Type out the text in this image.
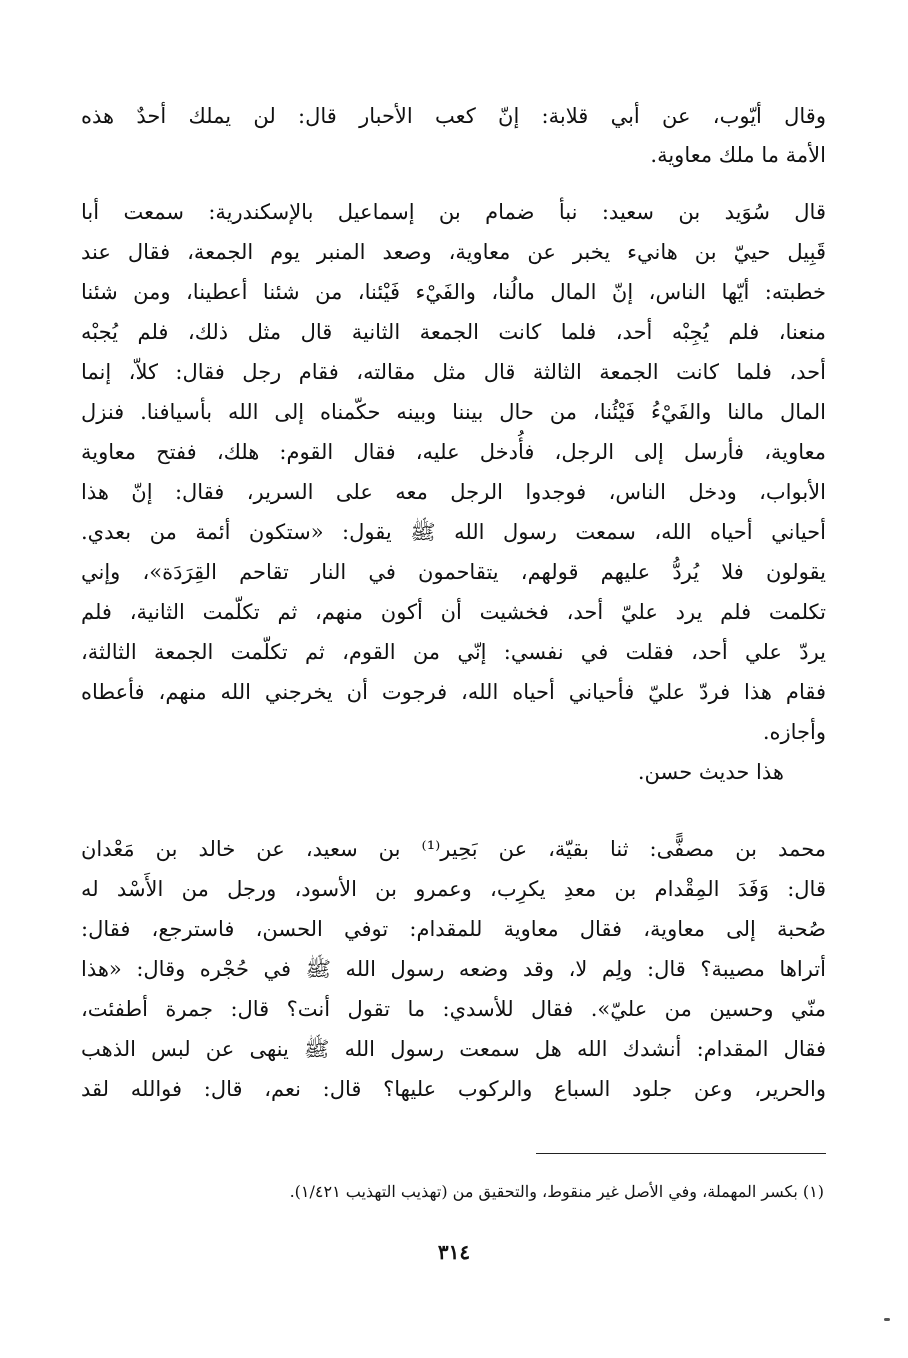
وقال أيّوب، عن أبي قلابة: إنّ كعب الأحبار قال: لن يملك أحدٌ هذه
الأمة ما ملك معاوية.
قال سُوَيد بن سعيد: نبأ ضمام بن إسماعيل بالإسكندرية: سمعت أبا
قَبِيل حييّ بن هانيء يخبر عن معاوية، وصعد المنبر يوم الجمعة، فقال عند
خطبته: أيّها الناس، إنّ المال مالُنا، والفَيْء فَيْئنا، من شئنا أعطينا، ومن شئنا
منعنا، فلم يُجِبْه أحد، فلما كانت الجمعة الثانية قال مثل ذلك، فلم يُجبْه
أحد، فلما كانت الجمعة الثالثة قال مثل مقالته، فقام رجل فقال: كلاّ، إنما
المال مالنا والفَيْءُ فَيْئُنا، من حال بيننا وبينه حكّمناه إلى الله بأسيافنا. فنزل
معاوية، فأرسل إلى الرجل، فأُدخل عليه، فقال القوم: هلك، ففتح معاوية
الأبواب، ودخل الناس، فوجدوا الرجل معه على السرير، فقال: إنّ هذا
أحياني أحياه الله، سمعت رسول الله ﷺ يقول: «ستكون أئمة من بعدي.
يقولون فلا يُردُّ عليهم قولهم، يتقاحمون في النار تقاحم القِرَدَة»، وإني
تكلمت فلم يرد عليّ أحد، فخشيت أن أكون منهم، ثم تكلّمت الثانية، فلم
يردّ علي أحد، فقلت في نفسي: إنّي من القوم، ثم تكلّمت الجمعة الثالثة،
فقام هذا فردّ عليّ فأحياني أحياه الله، فرجوت أن يخرجني الله منهم، فأعطاه
وأجازه.
هذا حديث حسن.
محمد بن مصفًّى: ثنا بقيّة، عن بَحِير⁽¹⁾ بن سعيد، عن خالد بن مَعْدان
قال: وَفَدَ المِقْدام بن معدِ يكرِب، وعمرو بن الأسود، ورجل من الأَسْد له
صُحبة إلى معاوية، فقال معاوية للمقدام: توفي الحسن، فاسترجع، فقال:
أتراها مصيبة؟ قال: ولِم لا، وقد وضعه رسول الله ﷺ في حُجْره وقال: «هذا
منّي وحسين من عليّ». فقال للأسدي: ما تقول أنت؟ قال: جمرة أطفئت،
فقال المقدام: أنشدك الله هل سمعت رسول الله ﷺ ينهى عن لبس الذهب
والحرير، وعن جلود السباع والركوب عليها؟ قال: نعم، قال: فوالله لقد
(١) بكسر المهملة، وفي الأصل غير منقوط، والتحقيق من (تهذيب التهذيب ١/٤٢١).
٣١٤
